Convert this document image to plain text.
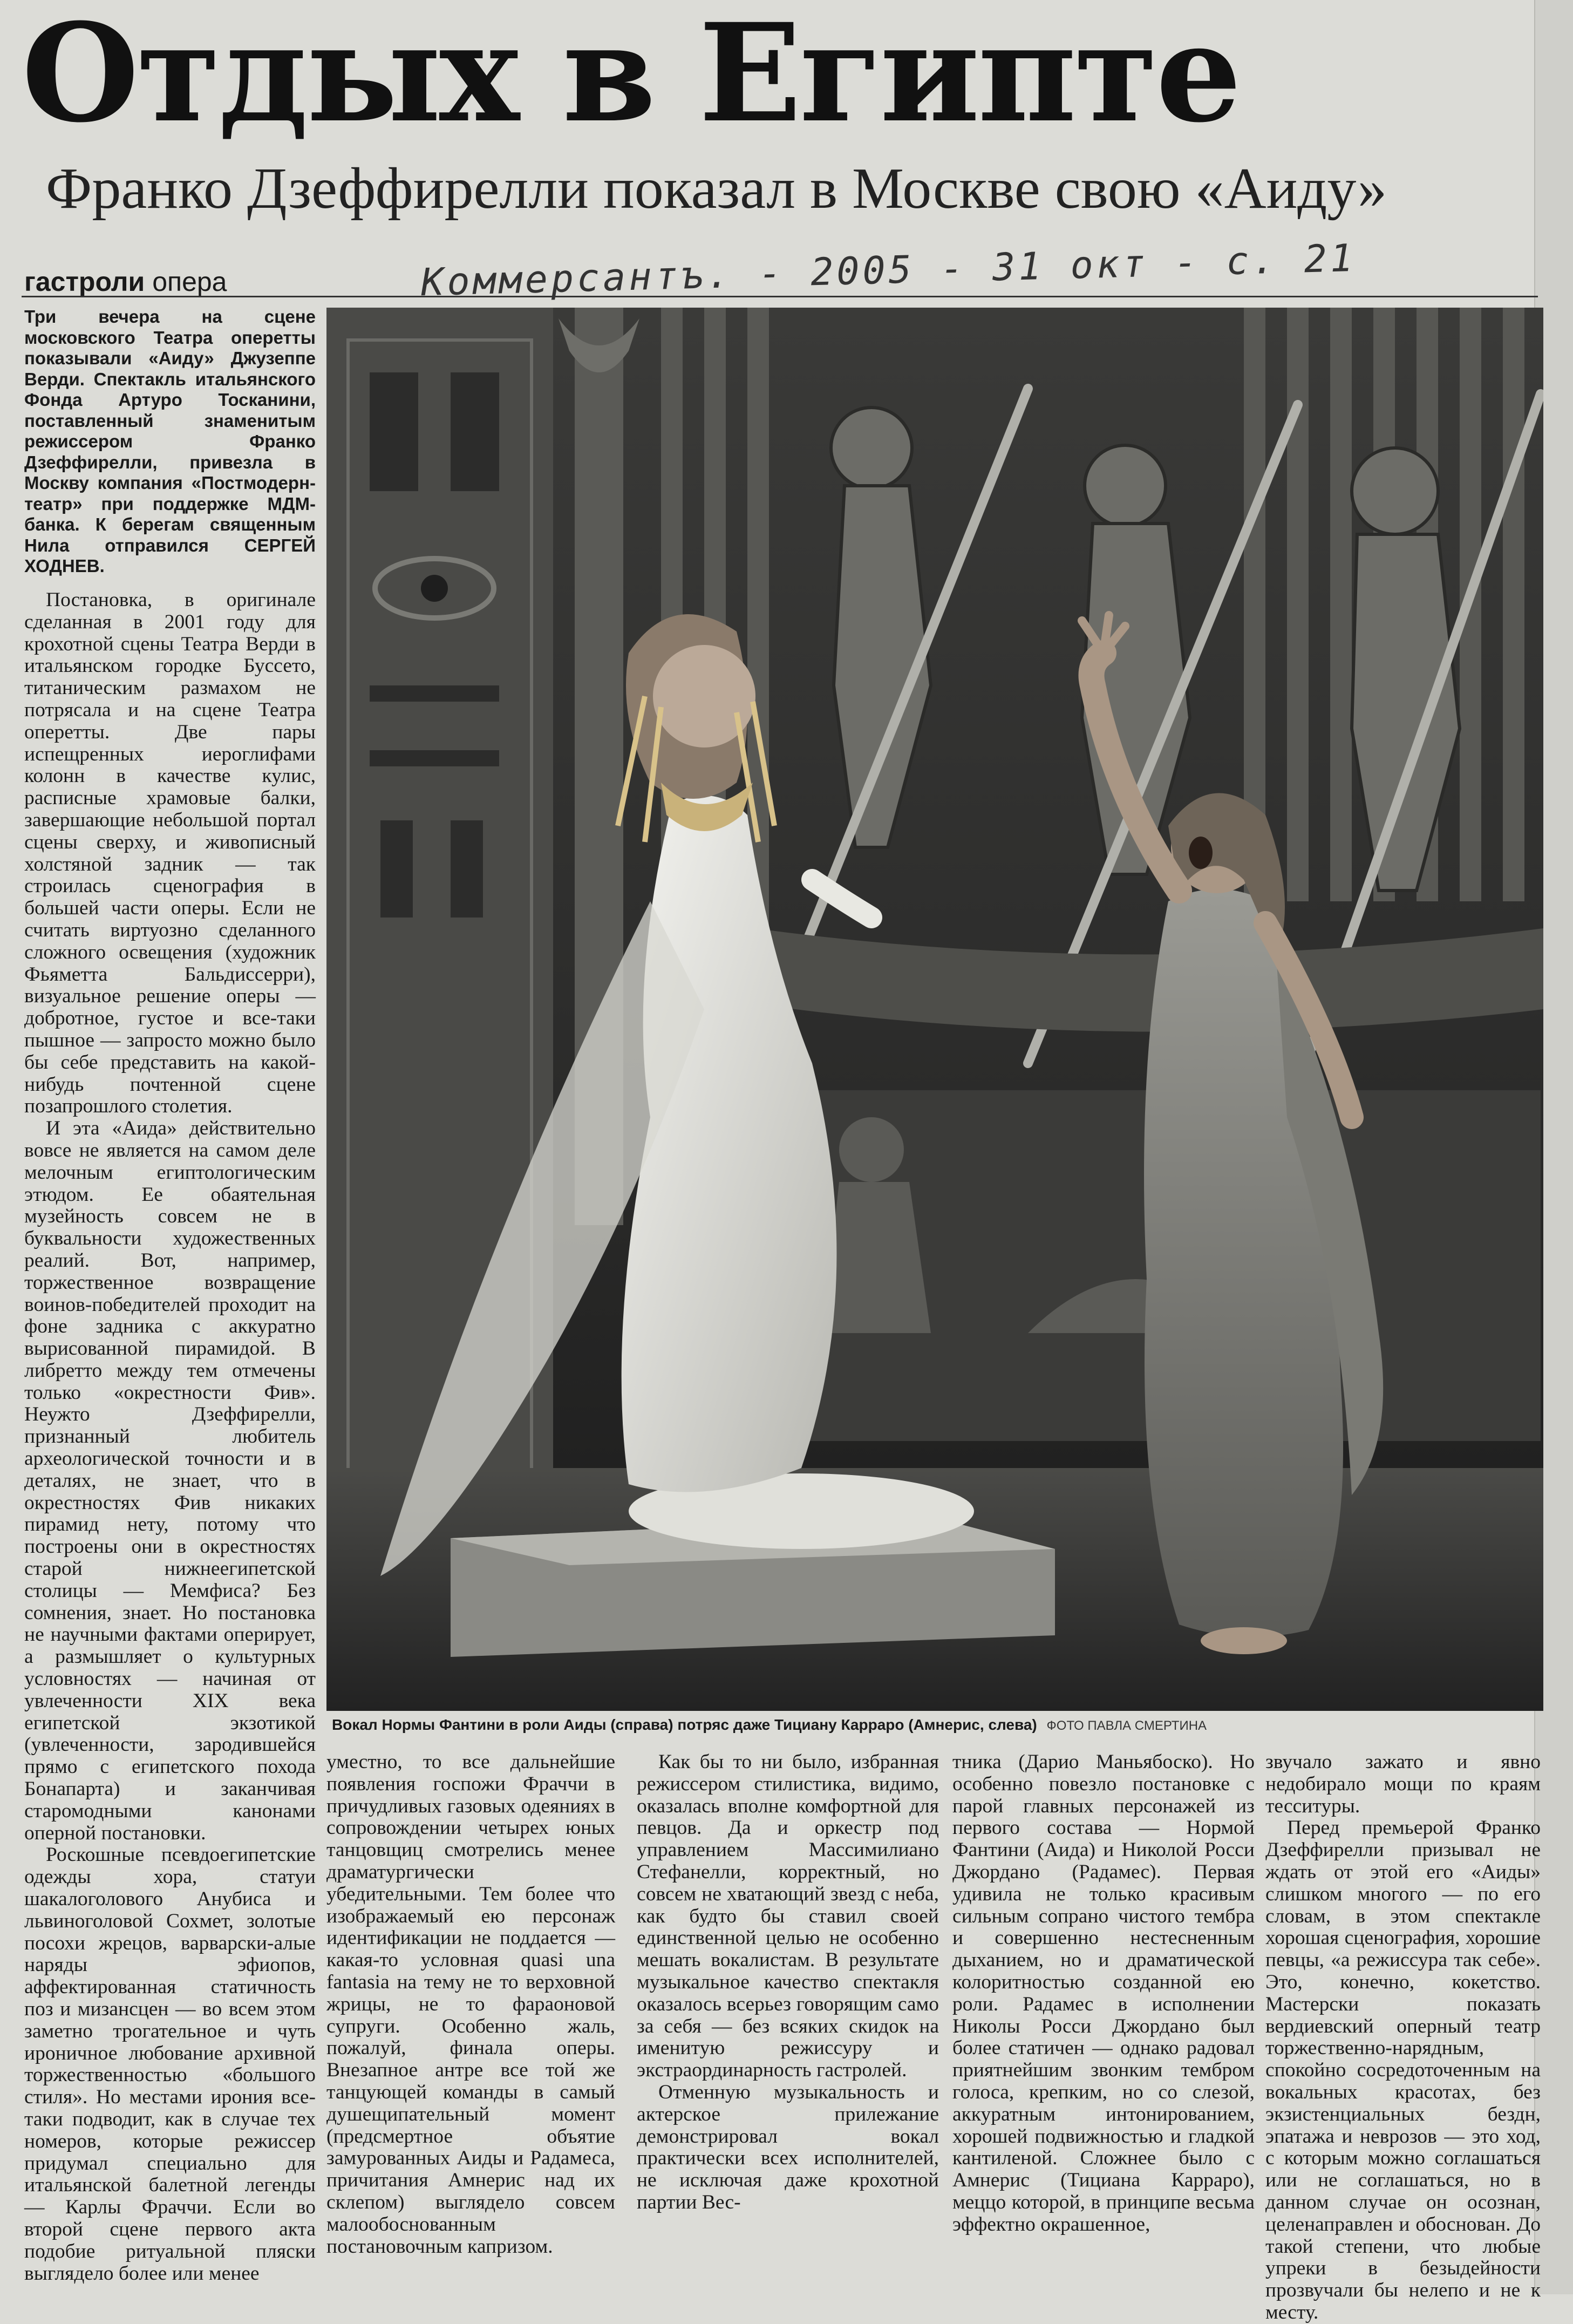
Отдых в Египте
Франко Дзеффирелли показал в Москве свою «Аиду»
гастроли опера	Коммерсантъ. - 2005 - 31 окт - с. 21

Три вечера на сцене московского Театра оперетты показывали «Аиду» Джузеппе Верди. Спектакль итальянского Фонда Артуро Тосканини, поставленный знаменитым режиссером Франко Дзеффирелли, привезла в Москву компания «Постмодерн-театр» при поддержке МДМ-банка. К берегам священным Нила отправился СЕРГЕЙ ХОДНЕВ.

Постановка, в оригинале сделанная в 2001 году для крохотной сцены Театра Верди в итальянском городке Буссето, титаническим размахом не потрясала и на сцене Театра оперетты. Две пары испещренных иероглифами колонн в качестве кулис, расписные храмовые балки, завершающие небольшой портал сцены сверху, и живописный холстяной задник — так строилась сценография в большей части оперы. Если не считать виртуозно сделанного сложного освещения (художник Фьяметта Бальдиссерри), визуальное решение оперы — добротное, густое и все-таки пышное — запросто можно было бы себе представить на какой-нибудь почтенной сцене позапрошлого столетия.

И эта «Аида» действительно вовсе не является на самом деле мелочным египтологическим этюдом. Ее обаятельная музейность совсем не в буквальности художественных реалий. Вот, например, торжественное возвращение воинов-победителей проходит на фоне задника с аккуратно вырисованной пирамидой. В либретто между тем отмечены только «окрестности Фив». Неужто Дзеффирелли, признанный любитель археологической точности и в деталях, не знает, что в окрестностях Фив никаких пирамид нету, потому что построены они в окрестностях старой нижнеегипетской столицы — Мемфиса? Без сомнения, знает. Но постановка не научными фактами оперирует, а размышляет о культурных условностях — начиная от увлеченности XIX века египетской экзотикой (увлеченности, зародившейся прямо с египетского похода Бонапарта) и заканчивая старомодными канонами оперной постановки.

Роскошные псевдоегипетские одежды хора, статуи шакалоголового Анубиса и львиноголовой Сохмет, золотые посохи жрецов, варварски-алые наряды эфиопов, аффектированная статичность поз и мизансцен — во всем этом заметно трогательное и чуть ироничное любование архивной торжественностью «большого стиля». Но местами ирония все-таки подводит, как в случае тех номеров, которые режиссер придумал специально для итальянской балетной легенды — Карлы Фраччи. Если во второй сцене первого акта подобие ритуальной пляски выглядело более или менее

Вокал Нормы Фантини в роли Аиды (справа) потряс даже Тициану Карраро (Амнерис, слева) ФОТО ПАВЛА СМЕРТИНА

уместно, то все дальнейшие появления госпожи Фраччи в причудливых газовых одеяниях в сопровождении четырех юных танцовщиц смотрелись менее драматургически убедительными. Тем более что изображаемый ею персонаж идентификации не поддается — какая-то условная quasi una fantasia на тему не то верховной жрицы, не то фараоновой супруги. Особенно жаль, пожалуй, финала оперы. Внезапное антре все той же танцующей команды в самый душещипательный момент (предсмертное объятие замурованных Аиды и Радамеса, причитания Амнерис над их склепом) выглядело совсем малообоснованным постановочным капризом.

Как бы то ни было, избранная режиссером стилистика, видимо, оказалась вполне комфортной для певцов. Да и оркестр под управлением Массимилиано Стефанелли, корректный, но совсем не хватающий звезд с неба, как будто бы ставил своей единственной целью не особенно мешать вокалистам. В результате музыкальное качество спектакля оказалось всерьез говорящим само за себя — без всяких скидок на именитую режиссуру и экстраординарность гастролей.

Отменную музыкальность и актерское прилежание демонстрировал вокал практически всех исполнителей, не исключая даже крохотной партии Вес-

тника (Дарио Маньябоско). Но особенно повезло постановке с парой главных персонажей из первого состава — Нормой Фантини (Аида) и Николой Росси Джордано (Радамес). Первая удивила не только красивым сильным сопрано чистого тембра и совершенно нестесненным дыханием, но и драматической колоритностью созданной ею роли. Радамес в исполнении Николы Росси Джордано был более статичен — однако радовал приятнейшим звонким тембром голоса, крепким, но со слезой, аккуратным интонированием, хорошей подвижностью и гладкой кантиленой. Сложнее было с Амнерис (Тициана Карраро), меццо которой, в принципе весьма эффектно окрашенное,

звучало зажато и явно недобирало мощи по краям тесситуры.

Перед премьерой Франко Дзеффирелли призывал не ждать от этой его «Аиды» слишком многого — по его словам, в этом спектакле хорошая сценография, хорошие певцы, «а режиссура так себе». Это, конечно, кокетство. Мастерски показать вердиевский оперный театр торжественно-нарядным, спокойно сосредоточенным на вокальных красотах, без экзистенциальных бездн, эпатажа и неврозов — это ход, с которым можно соглашаться или не соглашаться, но в данном случае он осознан, целенаправлен и обоснован. До такой степени, что любые упреки в безыдейности прозвучали бы нелепо и не к месту.
